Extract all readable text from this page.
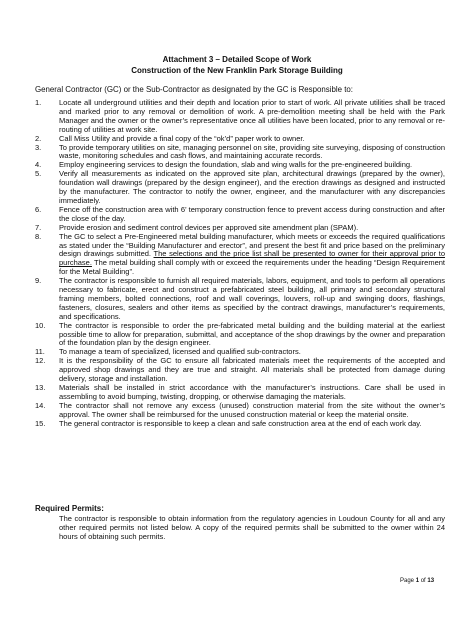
Attachment 3 – Detailed Scope of Work
Construction of the New Franklin Park Storage Building
General Contractor (GC) or the Sub-Contractor as designated by the GC is Responsible to:
1. Locate all underground utilities and their depth and location prior to start of work. All private utilities shall be traced and marked prior to any removal or demolition of work. A pre-demolition meeting shall be held with the Park Manager and the owner or the owner’s representative once all utilities have been located, prior to any removal or re-routing of utilities at work site.
2. Call Miss Utility and provide a final copy of the “ok’d” paper work to owner.
3. To provide temporary utilities on site, managing personnel on site, providing site surveying, disposing of construction waste, monitoring schedules and cash flows, and maintaining accurate records.
4. Employ engineering services to design the foundation, slab and wing walls for the pre-engineered building.
5. Verify all measurements as indicated on the approved site plan, architectural drawings (prepared by the owner), foundation wall drawings (prepared by the design engineer), and the erection drawings as designed and instructed by the manufacturer. The contractor to notify the owner, engineer, and the manufacturer with any discrepancies immediately.
6. Fence off the construction area with 6’ temporary construction fence to prevent access during construction and after the close of the day.
7. Provide erosion and sediment control devices per approved site amendment plan (SPAM).
8. The GC to select a Pre-Engineered metal building manufacturer, which meets or exceeds the required qualifications as stated under the “Building Manufacturer and erector”, and present the best fit and price based on the preliminary design drawings submitted. The selections and the price list shall be presented to owner for their approval prior to purchase. The metal building shall comply with or exceed the requirements under the heading “Design Requirement for the Metal Building”.
9. The contractor is responsible to furnish all required materials, labors, equipment, and tools to perform all operations necessary to fabricate, erect and construct a prefabricated steel building, all primary and secondary structural framing members, bolted connections, roof and wall coverings, louvers, roll-up and swinging doors, flashings, fasteners, closures, sealers and other items as specified by the contract drawings, manufacturer’s requirements, and specifications.
10. The contractor is responsible to order the pre-fabricated metal building and the building material at the earliest possible time to allow for preparation, submittal, and acceptance of the shop drawings by the owner and preparation of the foundation plan by the design engineer.
11. To manage a team of specialized, licensed and qualified sub-contractors.
12. It is the responsibility of the GC to ensure all fabricated materials meet the requirements of the accepted and approved shop drawings and they are true and straight. All materials shall be protected from damage during delivery, storage and installation.
13. Materials shall be installed in strict accordance with the manufacturer’s instructions. Care shall be used in assembling to avoid bumping, twisting, dropping, or otherwise damaging the materials.
14. The contractor shall not remove any excess (unused) construction material from the site without the owner’s approval. The owner shall be reimbursed for the unused construction material or keep the material onsite.
15. The general contractor is responsible to keep a clean and safe construction area at the end of each work day.
Required Permits:
The contractor is responsible to obtain information from the regulatory agencies in Loudoun County for all and any other required permits not listed below. A copy of the required permits shall be submitted to the owner within 24 hours of obtaining such permits.
Page 1 of 13
